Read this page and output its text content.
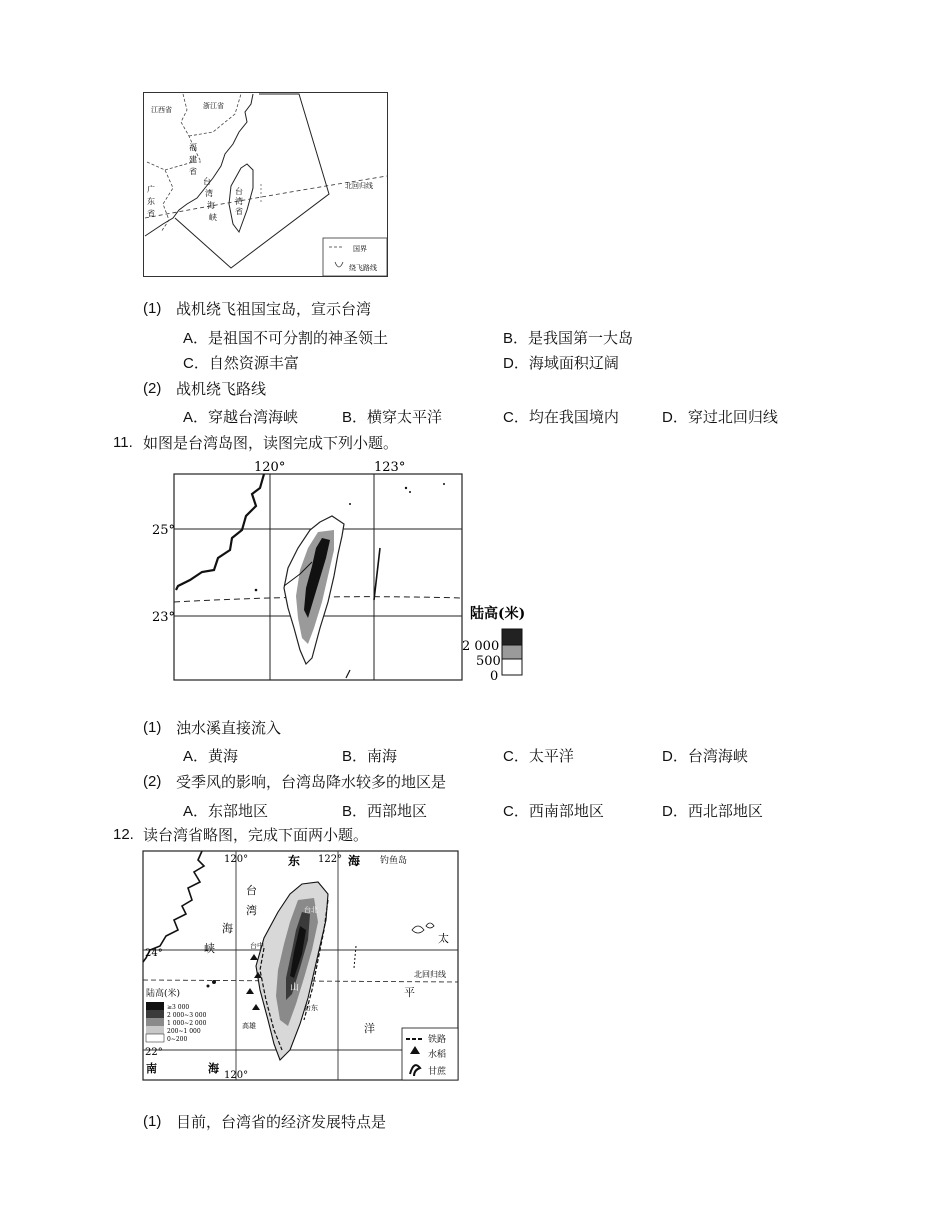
国界
绕飞路线
江西省	浙江省
福
建
省
广
东
省
台
湾
海
峡
台
湾
省
北回归线
(1) 战机绕飞祖国宝岛，宣示台湾
A．是祖国不可分割的神圣领土	B．是我国第一大岛
C．自然资源丰富	D．海域面积辽阔
(2) 战机绕飞路线
A．穿越台湾海峡	B．横穿太平洋	C．均在我国境内	D．穿过北回归线
11. 如图是台湾岛图，读图完成下列小题。
120°	123°
25°
23°	陆高(米)
2 000
500
0
(1) 浊水溪直接流入
A．黄海	B．南海	C．太平洋	D．台湾海峡
(2) 受季风的影响，台湾岛降水较多的地区是
A．东部地区	B．西部地区	C．西南部地区	D．西北部地区
12. 读台湾省略图，完成下面两小题。
120°	122°
120°
24°
22°
东	海 钓鱼岛
台
湾
海
峡
太
平
洋
南	海
北回归线
台北
台中
山
台东
高雄
陆高(米)
≥3 000
2 000~3 000
1 000~2 000
200~1 000
0~200	铁路
水稻
甘蔗
(1) 目前，台湾省的经济发展特点是
